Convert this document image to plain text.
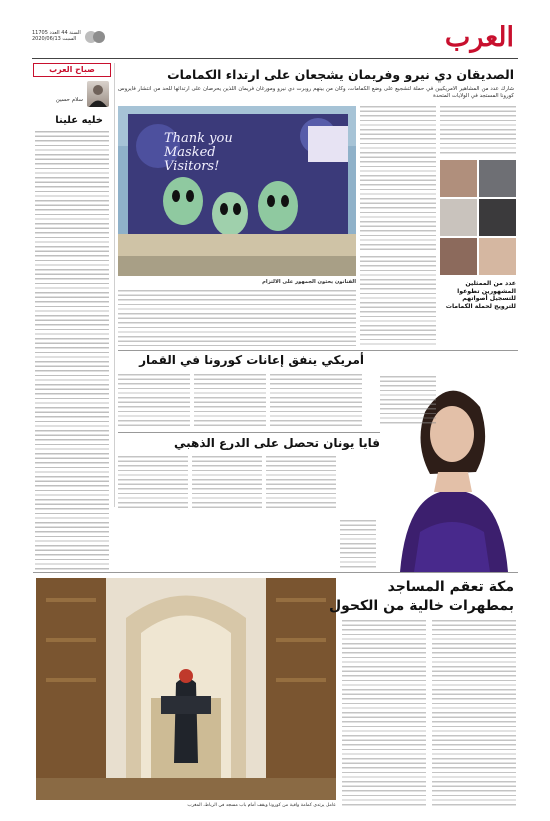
السنة 44 العدد 11705
السبت 2020/06/13	العرب
صباح العرب
سلام حسين
خليه علينا
الصديقان دي نيرو وفريمان يشجعان على ارتداء الكمامات
شارك عدد من المشاهير الأمريكيين في حملة لتشجيع على وضع الكمامات، وكان من بينهم روبرت دي نيرو ومورغان فريمان اللذين يحرصان على ارتدائها للحد من انتشار فايروس كورونا المستجد في الولايات المتحدة
Thank you
Masked
Visitors!
الفنانون يحثون الجمهور على الالتزام	عدد من الممثلين المشهورين تطوعوا للتسجيل أصواتهم للترويج لحملة الكمامات
أمريكي ينفق إعانات كورونا في القمار
فايا يونان تحصل على الدرع الذهبي
عامل يرتدي كمامة واقية من كورونا ويقف أمام باب مسجد في الرباط، المغرب
مكة تعقم المساجد
بمطهرات خالية من الكحول
